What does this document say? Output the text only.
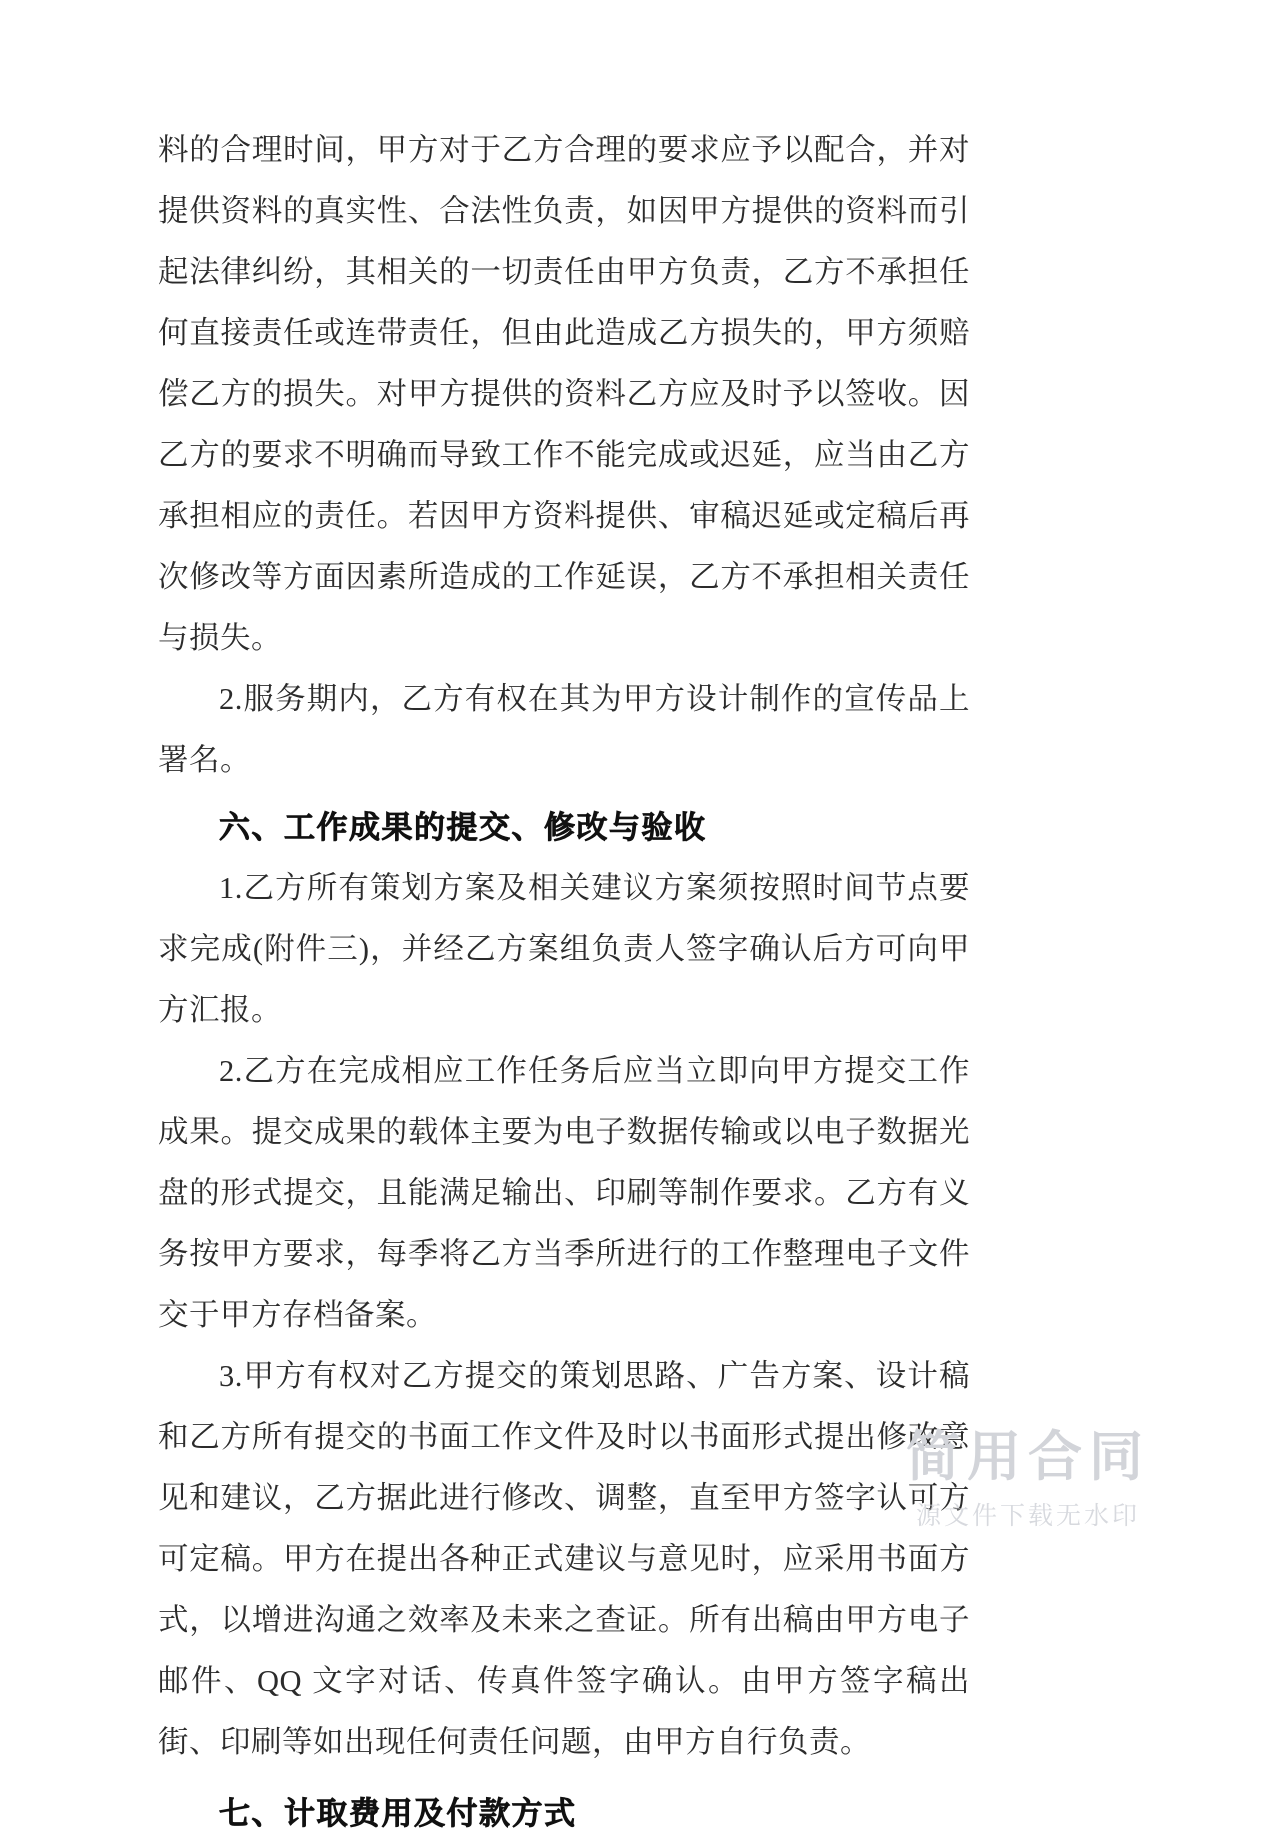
料的合理时间，甲方对于乙方合理的要求应予以配合，并对提供资料的真实性、合法性负责，如因甲方提供的资料而引起法律纠纷，其相关的一切责任由甲方负责，乙方不承担任何直接责任或连带责任，但由此造成乙方损失的，甲方须赔偿乙方的损失。对甲方提供的资料乙方应及时予以签收。因乙方的要求不明确而导致工作不能完成或迟延，应当由乙方承担相应的责任。若因甲方资料提供、审稿迟延或定稿后再次修改等方面因素所造成的工作延误，乙方不承担相关责任与损失。

2.服务期内，乙方有权在其为甲方设计制作的宣传品上署名。

六、工作成果的提交、修改与验收

1.乙方所有策划方案及相关建议方案须按照时间节点要求完成(附件三)，并经乙方案组负责人签字确认后方可向甲方汇报。

2.乙方在完成相应工作任务后应当立即向甲方提交工作成果。提交成果的载体主要为电子数据传输或以电子数据光盘的形式提交，且能满足输出、印刷等制作要求。乙方有义务按甲方要求，每季将乙方当季所进行的工作整理电子文件交于甲方存档备案。

3.甲方有权对乙方提交的策划思路、广告方案、设计稿和乙方所有提交的书面工作文件及时以书面形式提出修改意见和建议，乙方据此进行修改、调整，直至甲方签字认可方可定稿。甲方在提出各种正式建议与意见时，应采用书面方式，以增进沟通之效率及未来之查证。所有出稿由甲方电子邮件、QQ 文字对话、传真件签字确认。由甲方签字稿出街、印刷等如出现任何责任问题，由甲方自行负责。

七、计取费用及付款方式

简用合同
源文件下载无水印
